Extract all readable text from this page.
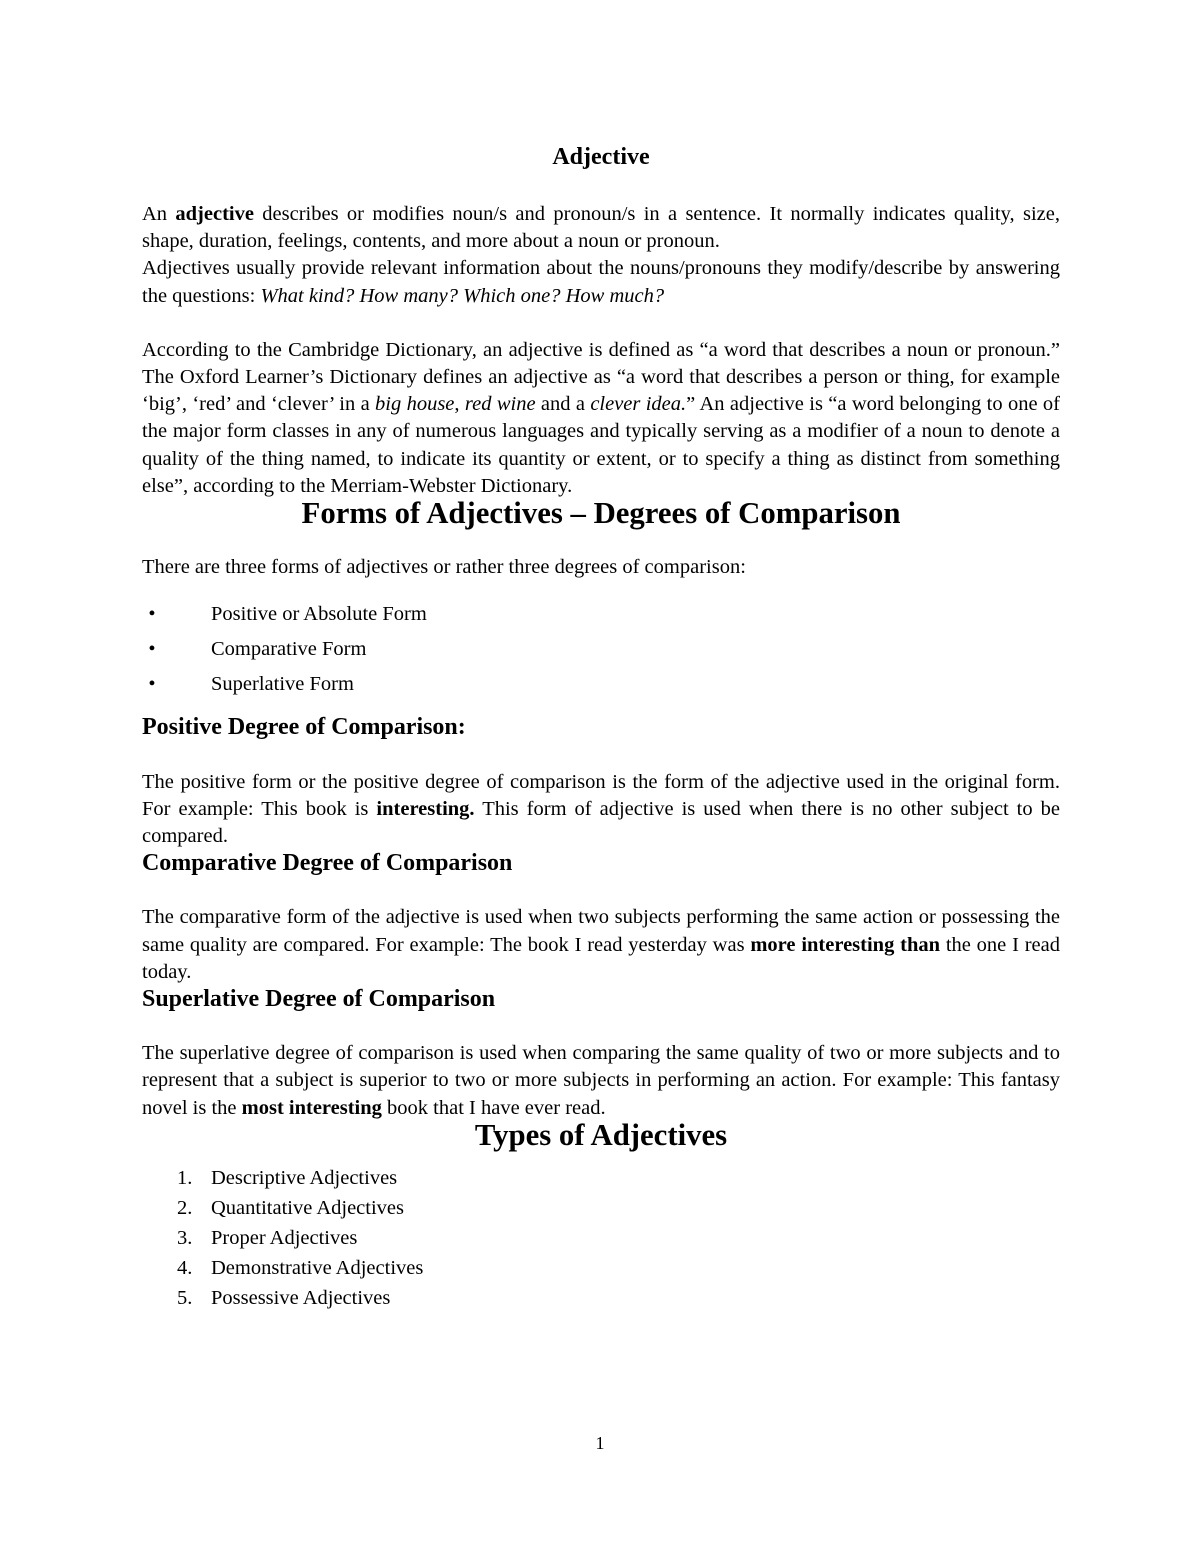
Adjective

An adjective describes or modifies noun/s and pronoun/s in a sentence. It normally indicates quality, size, shape, duration, feelings, contents, and more about a noun or pronoun.

Adjectives usually provide relevant information about the nouns/pronouns they modify/describe by answering the questions: What kind? How many? Which one? How much?

According to the Cambridge Dictionary, an adjective is defined as “a word that describes a noun or pronoun.” The Oxford Learner’s Dictionary defines an adjective as “a word that describes a person or thing, for example ‘big’, ‘red’ and ‘clever’ in a big house, red wine and a clever idea.” An adjective is “a word belonging to one of the major form classes in any of numerous languages and typically serving as a modifier of a noun to denote a quality of the thing named, to indicate its quantity or extent, or to specify a thing as distinct from something else”, according to the Merriam-Webster Dictionary.

Forms of Adjectives – Degrees of Comparison

There are three forms of adjectives or rather three degrees of comparison:

•	Positive or Absolute Form
•	Comparative Form
•	Superlative Form
Positive Degree of Comparison:

The positive form or the positive degree of comparison is the form of the adjective used in the original form. For example: This book is interesting. This form of adjective is used when there is no other subject to be compared.

Comparative Degree of Comparison

The comparative form of the adjective is used when two subjects performing the same action or possessing the same quality are compared. For example: The book I read yesterday was more interesting than the one I read today.

Superlative Degree of Comparison

The superlative degree of comparison is used when comparing the same quality of two or more subjects and to represent that a subject is superior to two or more subjects in performing an action. For example: This fantasy novel is the most interesting book that I have ever read.

Types of Adjectives
1. Descriptive Adjectives
2. Quantitative Adjectives
3. Proper Adjectives
4. Demonstrative Adjectives
5. Possessive Adjectives
1
